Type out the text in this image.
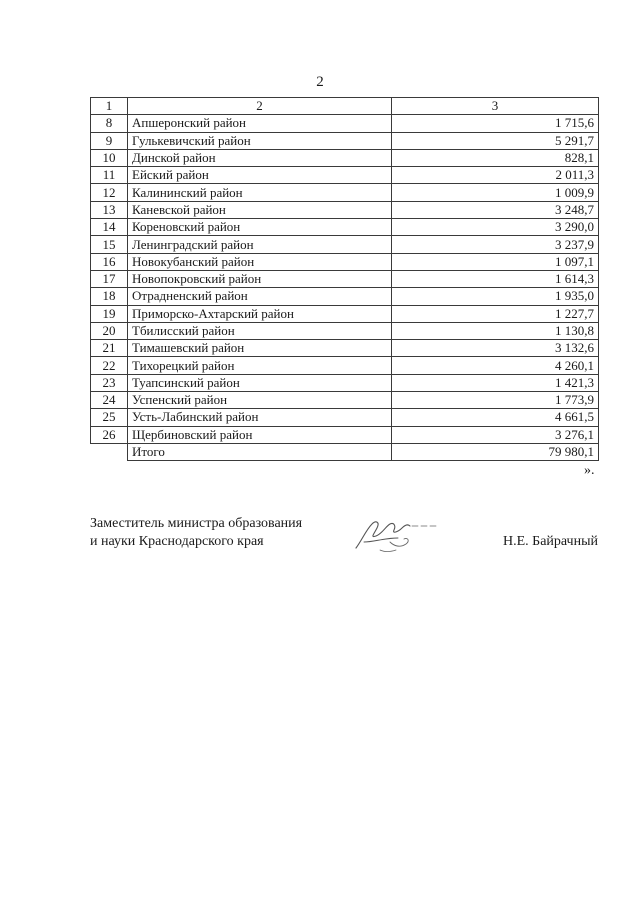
2
1	2	3
8	Апшеронский район	1 715,6
9	Гулькевичский район	5 291,7
10	Динской район	828,1
11	Ейский район	2 011,3
12	Калининский район	1 009,9
13	Каневской район	3 248,7
14	Кореновский район	3 290,0
15	Ленинградский район	3 237,9
16	Новокубанский район	1 097,1
17	Новопокровский район	1 614,3
18	Отрадненский район	1 935,0
19	Приморско-Ахтарский район	1 227,7
20	Тбилисский район	1 130,8
21	Тимашевский район	3 132,6
22	Тихорецкий район	4 260,1
23	Туапсинский район	1 421,3
24	Успенский район	1 773,9
25	Усть-Лабинский район	4 661,5
26	Щербиновский район	3 276,1
	Итого	79 980,1
».
Заместитель министра образования
и науки Краснодарского края	Н.Е. Байрачный
